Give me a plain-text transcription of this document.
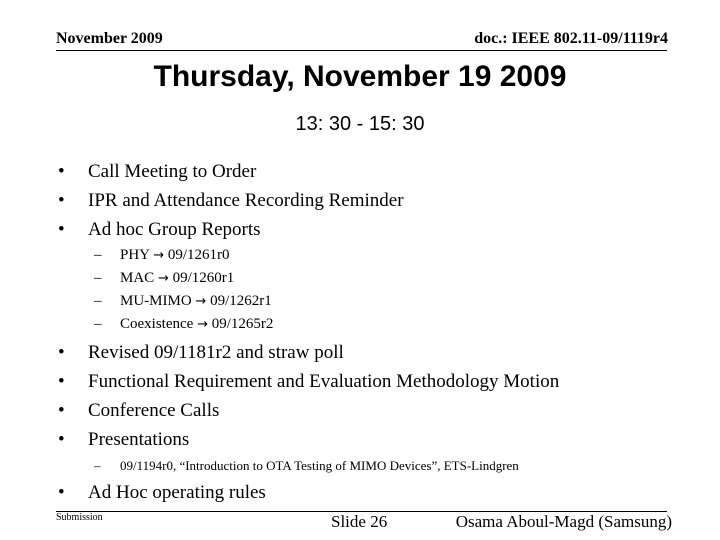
November 2009	doc.: IEEE 802.11-09/1119r4
Thursday, November 19 2009
13: 30 - 15: 30
• Call Meeting to Order
• IPR and Attendance Recording Reminder
• Ad hoc Group Reports
– PHY → 09/1261r0
– MAC → 09/1260r1
– MU-MIMO → 09/1262r1
– Coexistence → 09/1265r2
• Revised 09/1181r2 and straw poll
• Functional Requirement and Evaluation Methodology Motion
• Conference Calls
• Presentations
– 09/1194r0, “Introduction to OTA Testing of MIMO Devices”, ETS-Lindgren
• Ad Hoc operating rules
Submission	Slide 26	Osama Aboul-Magd (Samsung)
